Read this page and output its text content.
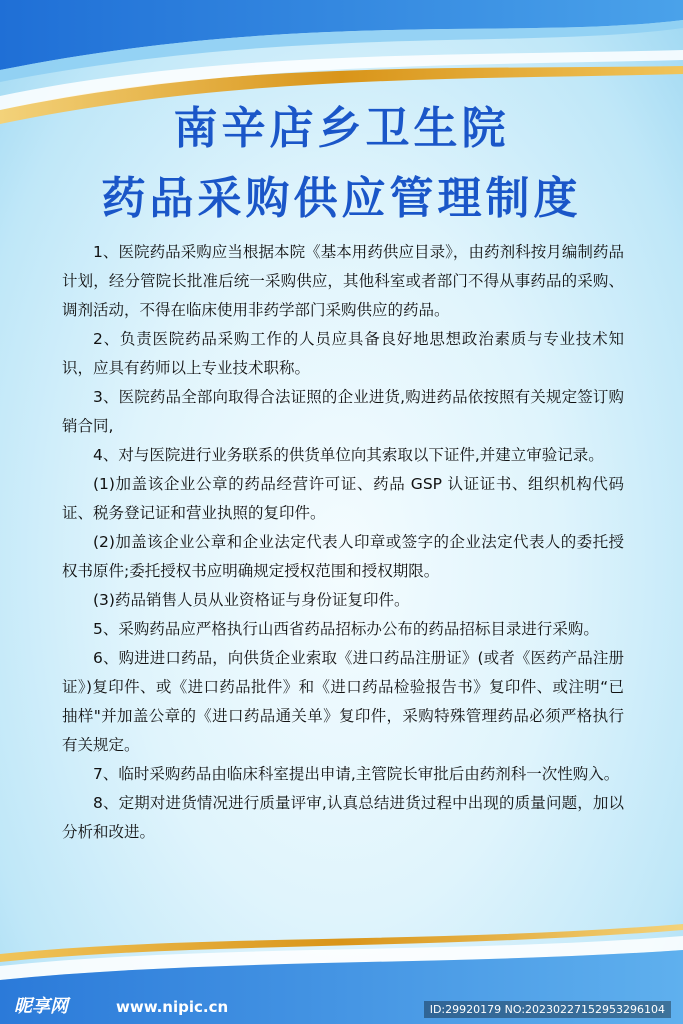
南辛店乡卫生院
药品采购供应管理制度

1、医院药品采购应当根据本院《基本用药供应目录》，由药剂科按月编制药品计划，经分管院长批准后统一采购供应，其他科室或者部门不得从事药品的采购、调剂活动，不得在临床使用非药学部门采购供应的药品。

2、负责医院药品采购工作的人员应具备良好地思想政治素质与专业技术知识，应具有药师以上专业技术职称。

3、医院药品全部向取得合法证照的企业进货,购进药品依按照有关规定签订购销合同,

4、对与医院进行业务联系的供货单位向其索取以下证件,并建立审验记录。

(1)加盖该企业公章的药品经营许可证、药品 GSP 认证证书、组织机构代码证、税务登记证和营业执照的复印件。

(2)加盖该企业公章和企业法定代表人印章或签字的企业法定代表人的委托授权书原件;委托授权书应明确规定授权范围和授权期限。

(3)药品销售人员从业资格证与身份证复印件。

5、采购药品应严格执行山西省药品招标办公布的药品招标目录进行采购。

6、购进进口药品，向供货企业索取《进口药品注册证》(或者《医药产品注册证》)复印件、或《进口药品批件》和《进口药品检验报告书》复印件、或注明“已抽样"并加盖公章的《进口药品通关单》复印件，采购特殊管理药品必须严格执行有关规定。

7、临时采购药品由临床科室提出申请,主管院长审批后由药剂科一次性购入。

8、定期对进货情况进行质量评审,认真总结进货过程中出现的质量问题，加以分析和改进。

昵享网	www.nipic.cn	ID:29920179 NO:20230227152953296104
